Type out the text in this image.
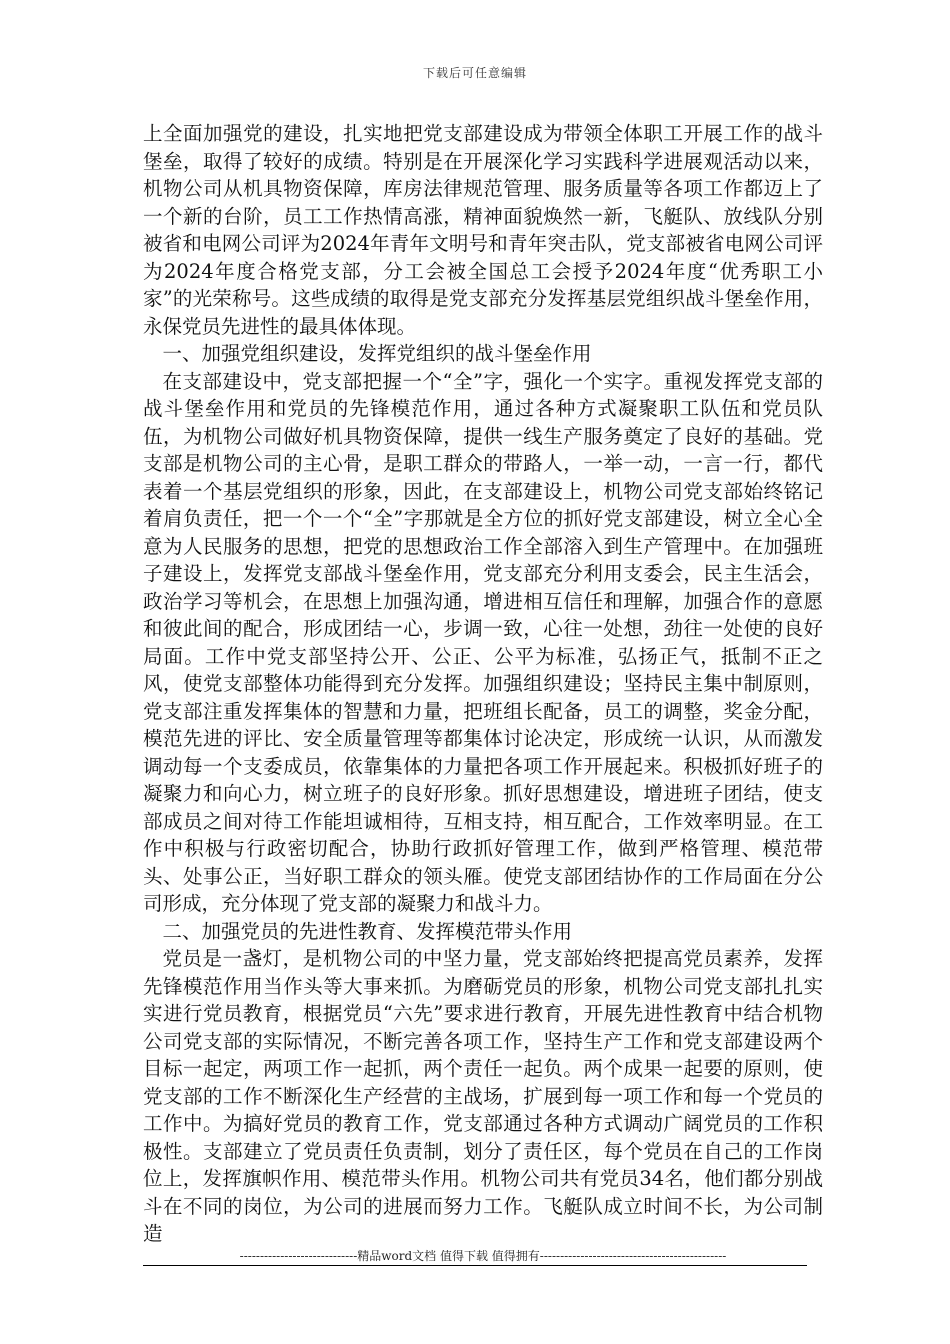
下载后可任意编辑

上全面加强党的建设，扎实地把党支部建设成为带领全体职工开展工作的战斗堡垒，取得了较好的成绩。特别是在开展深化学习实践科学进展观活动以来，机物公司从机具物资保障，库房法律规范管理、服务质量等各项工作都迈上了一个新的台阶，员工工作热情高涨，精神面貌焕然一新，飞艇队、放线队分别被省和电网公司评为2024年青年文明号和青年突击队，党支部被省电网公司评为2024年度合格党支部，分工会被全国总工会授予2024年度“优秀职工小家”的光荣称号。这些成绩的取得是党支部充分发挥基层党组织战斗堡垒作用，永保党员先进性的最具体体现。

一、加强党组织建设，发挥党组织的战斗堡垒作用

在支部建设中，党支部把握一个“全”字，强化一个实字。重视发挥党支部的战斗堡垒作用和党员的先锋模范作用，通过各种方式凝聚职工队伍和党员队伍，为机物公司做好机具物资保障，提供一线生产服务奠定了良好的基础。党支部是机物公司的主心骨，是职工群众的带路人，一举一动，一言一行，都代表着一个基层党组织的形象，因此，在支部建设上，机物公司党支部始终铭记着肩负责任，把一个一个“全”字那就是全方位的抓好党支部建设，树立全心全意为人民服务的思想，把党的思想政治工作全部溶入到生产管理中。在加强班子建设上，发挥党支部战斗堡垒作用，党支部充分利用支委会，民主生活会，政治学习等机会，在思想上加强沟通，增进相互信任和理解，加强合作的意愿和彼此间的配合，形成团结一心，步调一致，心往一处想，劲往一处使的良好局面。工作中党支部坚持公开、公正、公平为标准，弘扬正气，抵制不正之风，使党支部整体功能得到充分发挥。加强组织建设；坚持民主集中制原则，党支部注重发挥集体的智慧和力量，把班组长配备，员工的调整，奖金分配，模范先进的评比、安全质量管理等都集体讨论决定，形成统一认识，从而激发调动每一个支委成员，依靠集体的力量把各项工作开展起来。积极抓好班子的凝聚力和向心力，树立班子的良好形象。抓好思想建设，增进班子团结，使支部成员之间对待工作能坦诚相待，互相支持，相互配合，工作效率明显。在工作中积极与行政密切配合，协助行政抓好管理工作，做到严格管理、模范带头、处事公正，当好职工群众的领头雁。使党支部团结协作的工作局面在分公司形成，充分体现了党支部的凝聚力和战斗力。

二、加强党员的先进性教育、发挥模范带头作用

党员是一盏灯，是机物公司的中坚力量，党支部始终把提高党员素养，发挥先锋模范作用当作头等大事来抓。为磨砺党员的形象，机物公司党支部扎扎实实进行党员教育，根据党员“六先”要求进行教育，开展先进性教育中结合机物公司党支部的实际情况，不断完善各项工作，坚持生产工作和党支部建设两个目标一起定，两项工作一起抓，两个责任一起负。两个成果一起要的原则，使党支部的工作不断深化生产经营的主战场，扩展到每一项工作和每一个党员的工作中。为搞好党员的教育工作，党支部通过各种方式调动广阔党员的工作积极性。支部建立了党员责任负责制，划分了责任区，每个党员在自己的工作岗位上，发挥旗帜作用、模范带头作用。机物公司共有党员34名，他们都分别战斗在不同的岗位，为公司的进展而努力工作。飞艇队成立时间不长，为公司制造

-----------------------------精品word文档 值得下载 值得拥有----------------------------------------------
